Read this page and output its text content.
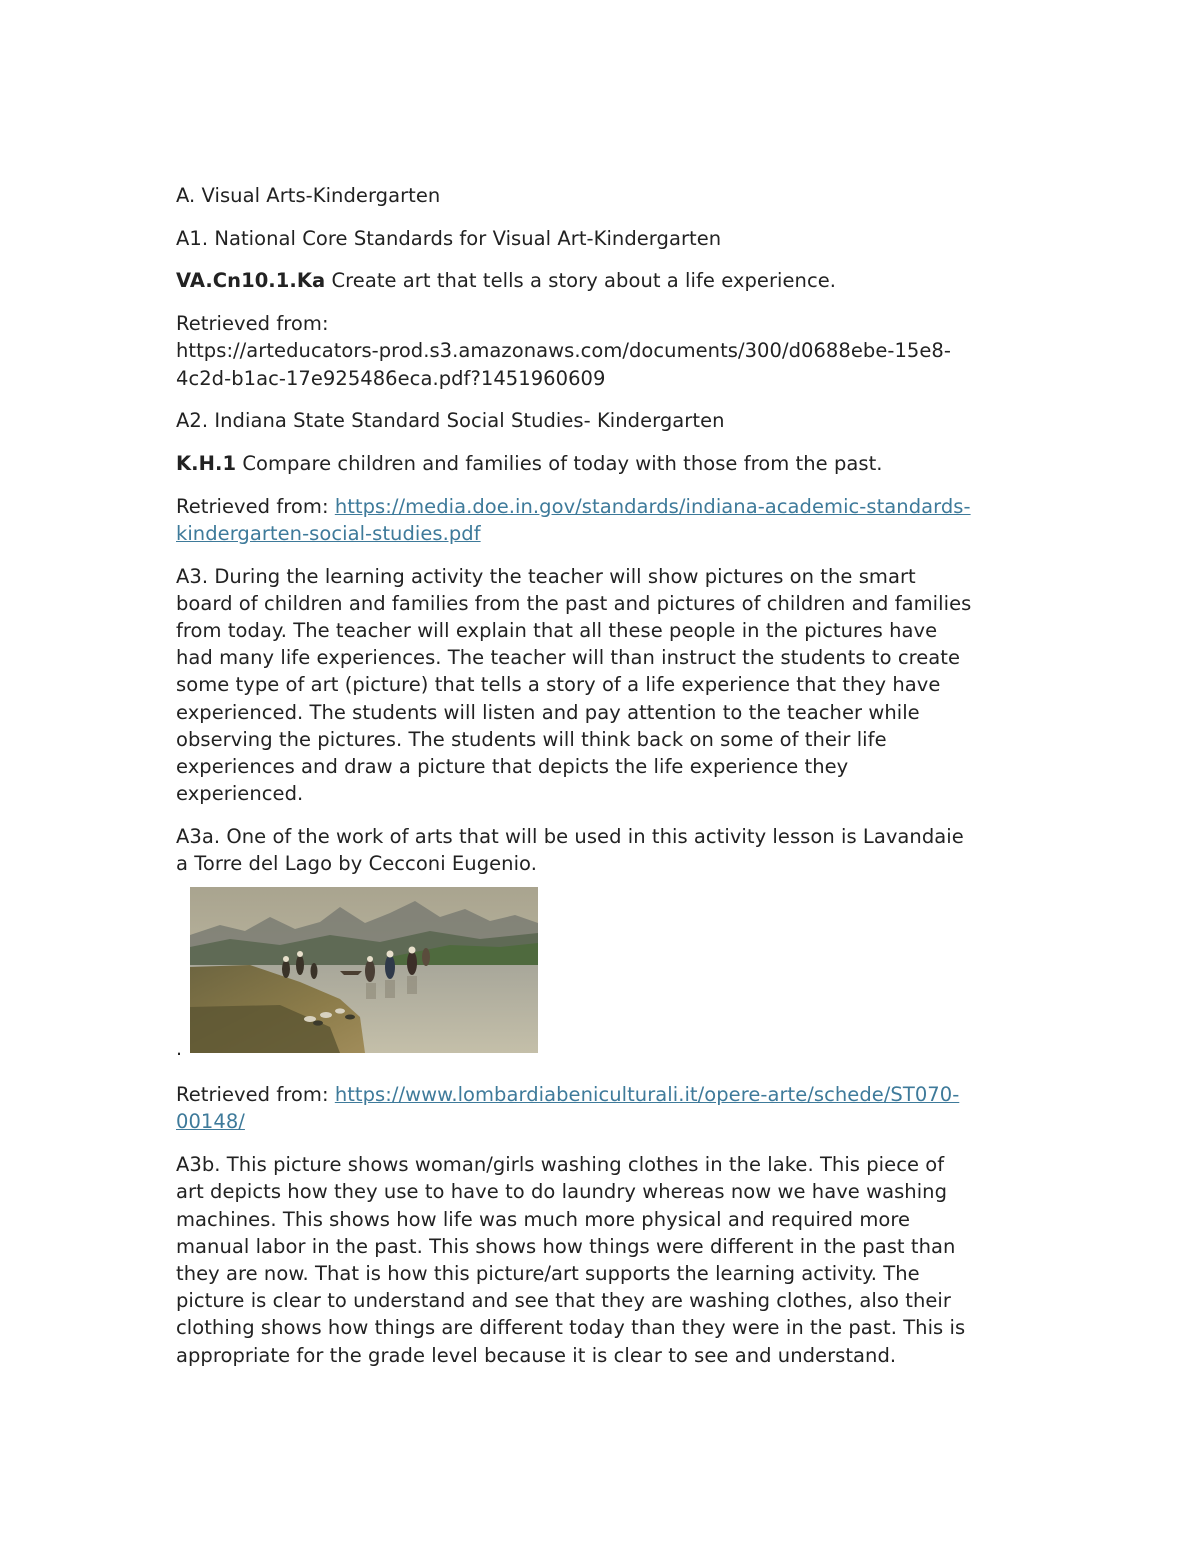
A. Visual Arts-Kindergarten
A1. National Core Standards for Visual Art-Kindergarten
VA.Cn10.1.Ka Create art that tells a story about a life experience.
Retrieved from:
https://arteducators-prod.s3.amazonaws.com/documents/300/d0688ebe-15e8-
4c2d-b1ac-17e925486eca.pdf?1451960609
A2. Indiana State Standard Social Studies- Kindergarten
K.H.1 Compare children and families of today with those from the past.
Retrieved from: https://media.doe.in.gov/standards/indiana-academic-standards-
kindergarten-social-studies.pdf
A3. During the learning activity the teacher will show pictures on the smart
board of children and families from the past and pictures of children and families
from today. The teacher will explain that all these people in the pictures have
had many life experiences. The teacher will than instruct the students to create
some type of art (picture) that tells a story of a life experience that they have
experienced. The students will listen and pay attention to the teacher while
observing the pictures. The students will think back on some of their life
experiences and draw a picture that depicts the life experience they
experienced.
A3a. One of the work of arts that will be used in this activity lesson is Lavandaie
a Torre del Lago by Cecconi Eugenio.
.
Retrieved from: https://www.lombardiabeniculturali.it/opere-arte/schede/ST070-
00148/
A3b. This picture shows woman/girls washing clothes in the lake. This piece of
art depicts how they use to have to do laundry whereas now we have washing
machines. This shows how life was much more physical and required more
manual labor in the past. This shows how things were different in the past than
they are now. That is how this picture/art supports the learning activity. The
picture is clear to understand and see that they are washing clothes, also their
clothing shows how things are different today than they were in the past. This is
appropriate for the grade level because it is clear to see and understand.
